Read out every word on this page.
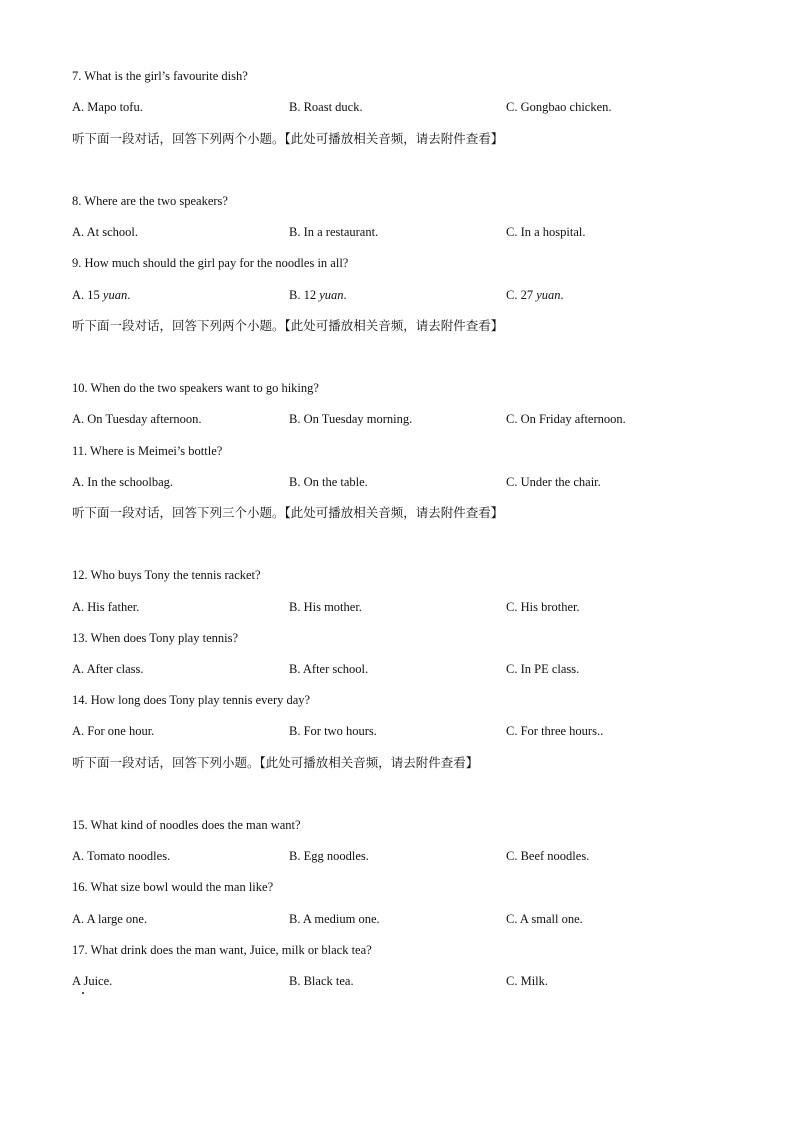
7. What is the girl’s favourite dish?
A. Mapo tofu.	B. Roast duck.	C. Gongbao chicken.
听下面一段对话，回答下列两个小题。【此处可播放相关音频，请去附件查看】
8. Where are the two speakers?
A. At school.	B. In a restaurant.	C. In a hospital.
9. How much should the girl pay for the noodles in all?
A. 15 yuan.	B. 12 yuan.	C. 27 yuan.
听下面一段对话，回答下列两个小题。【此处可播放相关音频，请去附件查看】
10. When do the two speakers want to go hiking?
A. On Tuesday afternoon.	B. On Tuesday morning.	C. On Friday afternoon.
11. Where is Meimei’s bottle?
A. In the schoolbag.	B. On the table.	C. Under the chair.
听下面一段对话，回答下列三个小题。【此处可播放相关音频，请去附件查看】
12. Who buys Tony the tennis racket?
A. His father.	B. His mother.	C. His brother.
13. When does Tony play tennis?
A. After class.	B. After school.	C. In PE class.
14. How long does Tony play tennis every day?
A. For one hour.	B. For two hours.	C. For three hours..
听下面一段对话，回答下列小题。【此处可播放相关音频，请去附件查看】
15. What kind of noodles does the man want?
A. Tomato noodles.	B. Egg noodles.	C. Beef noodles.
16. What size bowl would the man like?
A. A large one.	B. A medium one.	C. A small one.
17. What drink does the man want, Juice, milk or black tea?
A Juice.	B. Black tea.	C. Milk.
